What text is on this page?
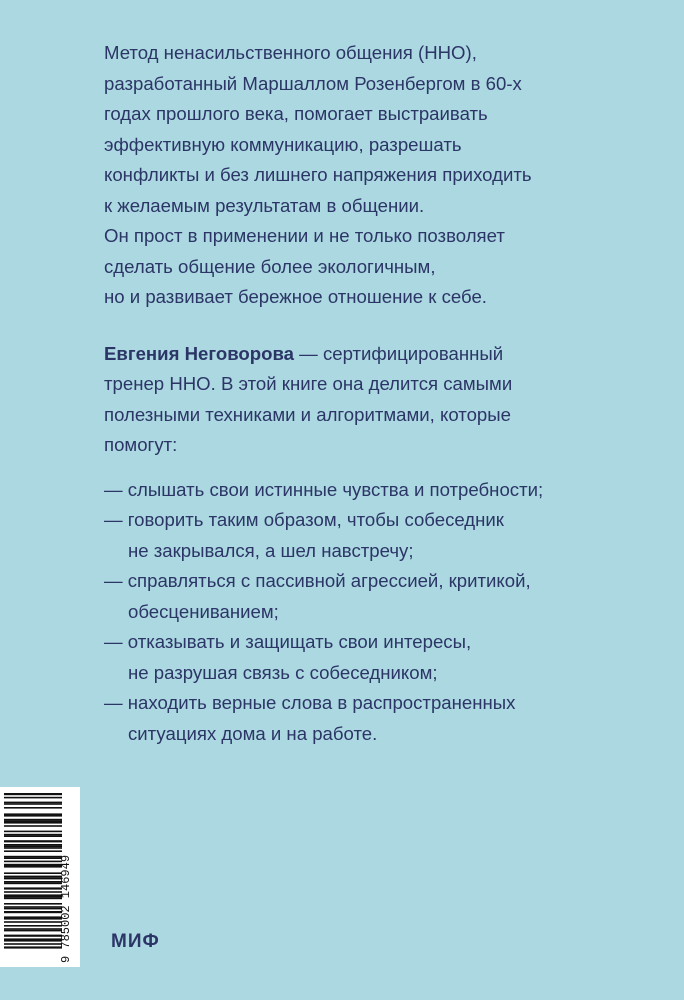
Метод ненасильственного общения (ННО),
разработанный Маршаллом Розенбергом в 60-х
годах прошлого века, помогает выстраивать
эффективную коммуникацию, разрешать
конфликты и без лишнего напряжения приходить
к желаемым результатам в общении.
Он прост в применении и не только позволяет
сделать общение более экологичным,
но и развивает бережное отношение к себе.
Евгения Неговорова — сертифицированный
тренер ННО. В этой книге она делится самыми
полезными техниками и алгоритмами, которые
помогут:
— слышать свои истинные чувства и потребности;
— говорить таким образом, чтобы собеседник
не закрывался, а шел навстречу;
— справляться с пассивной агрессией, критикой,
обесцениванием;
— отказывать и защищать свои интересы,
не разрушая связь с собеседником;
— находить верные слова в распространенных
ситуациях дома и на работе.
9 785002 146949 МИФ
